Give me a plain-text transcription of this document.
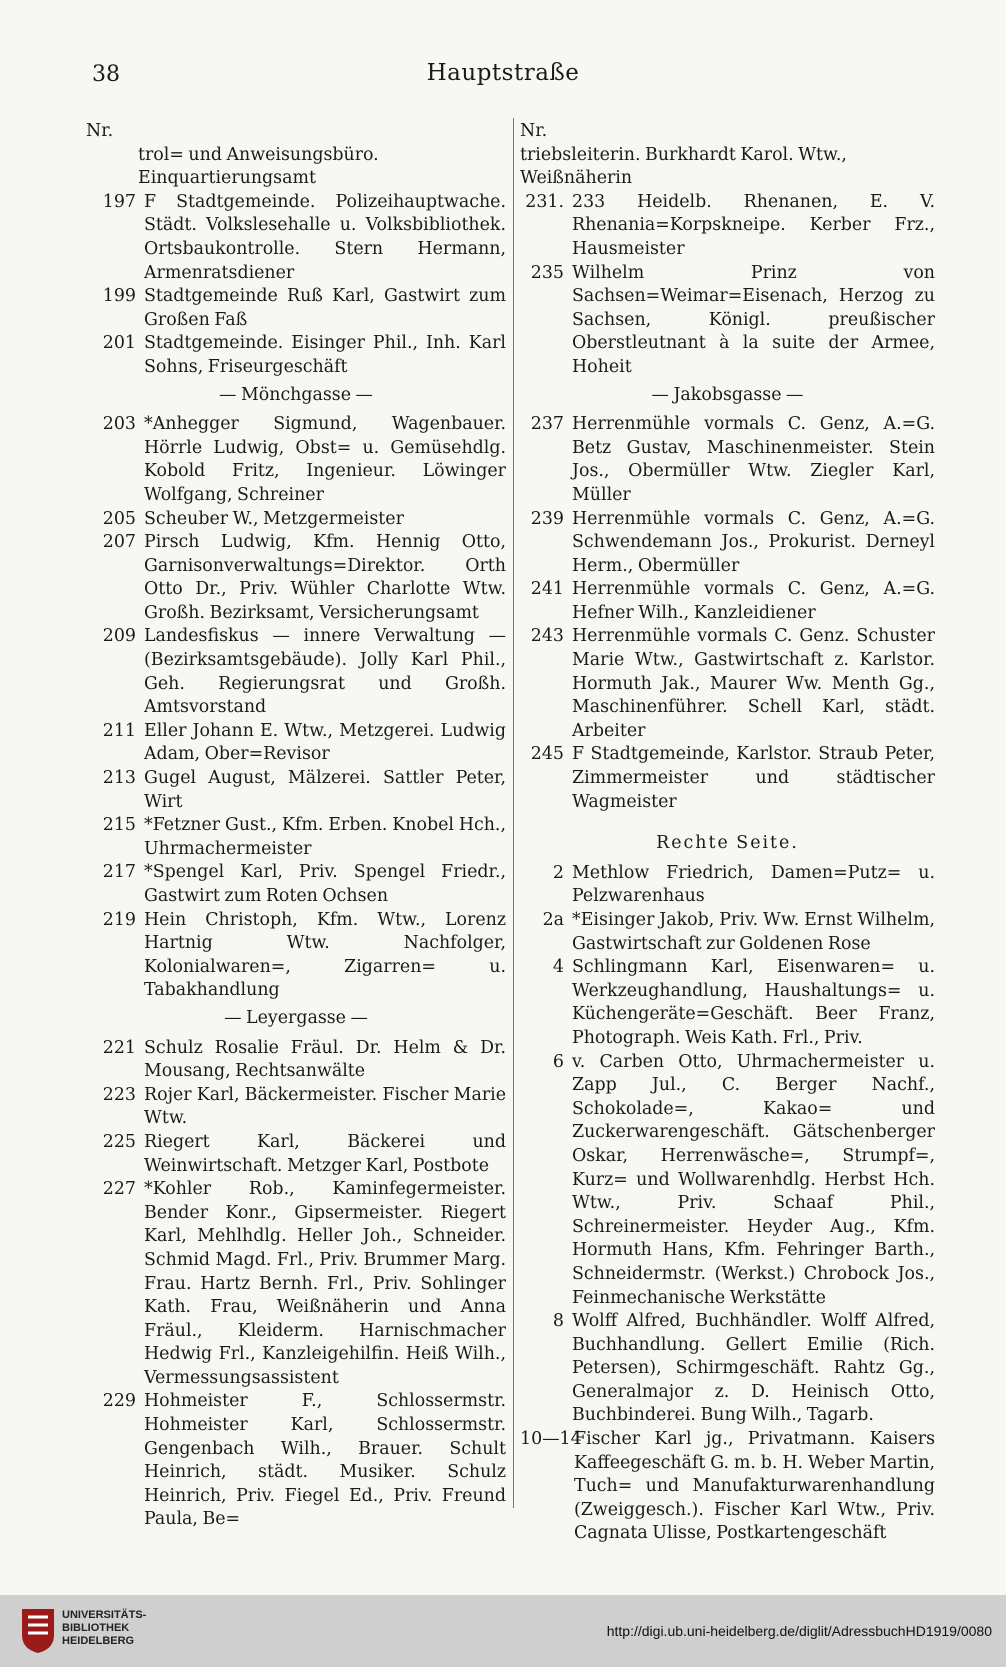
38	Hauptstraße
Nr.
trol= und Anweisungsbüro. Einquartierungsamt
197 F Stadtgemeinde. Polizeihauptwache. Städt. Volkslesehalle u. Volksbibliothek. Ortsbaukontrolle. Stern Hermann, Armenratsdiener
199 Stadtgemeinde Ruß Karl, Gastwirt zum Großen Faß
201 Stadtgemeinde. Eisinger Phil., Inh. Karl Sohns, Friseurgeschäft
— Mönchgasse —
203 *Anhegger Sigmund, Wagenbauer. Hörrle Ludwig, Obst= u. Gemüsehdlg. Kobold Fritz, Ingenieur. Löwinger Wolfgang, Schreiner
205 Scheuber W., Metzgermeister
207 Pirsch Ludwig, Kfm. Hennig Otto, Garnisonverwaltungs=Direktor. Orth Otto Dr., Priv. Wühler Charlotte Wtw. Großh. Bezirksamt, Versicherungsamt
209 Landesfiskus — innere Verwaltung — (Bezirksamtsgebäude). Jolly Karl Phil., Geh. Regierungsrat und Großh. Amtsvorstand
211 Eller Johann E. Wtw., Metzgerei. Ludwig Adam, Ober=Revisor
213 Gugel August, Mälzerei. Sattler Peter, Wirt
215 *Fetzner Gust., Kfm. Erben. Knobel Hch., Uhrmachermeister
217 *Spengel Karl, Priv. Spengel Friedr., Gastwirt zum Roten Ochsen
219 Hein Christoph, Kfm. Wtw., Lorenz Hartnig Wtw. Nachfolger, Kolonialwaren=, Zigarren= u. Tabakhandlung
— Leyergasse —
221 Schulz Rosalie Fräul. Dr. Helm & Dr. Mousang, Rechtsanwälte
223 Rojer Karl, Bäckermeister. Fischer Marie Wtw.
225 Riegert Karl, Bäckerei und Weinwirtschaft. Metzger Karl, Postbote
227 *Kohler Rob., Kaminfegermeister. Bender Konr., Gipsermeister. Riegert Karl, Mehlhdlg. Heller Joh., Schneider. Schmid Magd. Frl., Priv. Brummer Marg. Frau. Hartz Bernh. Frl., Priv. Sohlinger Kath. Frau, Weißnäherin und Anna Fräul., Kleiderm. Harnischmacher Hedwig Frl., Kanzleigehilfin. Heiß Wilh., Vermessungsassistent
229 Hohmeister F., Schlossermstr. Hohmeister Karl, Schlossermstr. Gengenbach Wilh., Brauer. Schult Heinrich, städt. Musiker. Schulz Heinrich, Priv. Fiegel Ed., Priv. Freund Paula, Be=
Nr.
triebsleiterin. Burkhardt Karol. Wtw., Weißnäherin
231. 233 Heidelb. Rhenanen, E. V. Rhenania=Korpskneipe. Kerber Frz., Hausmeister
235 Wilhelm Prinz von Sachsen=Weimar=Eisenach, Herzog zu Sachsen, Königl. preußischer Oberstleutnant à la suite der Armee, Hoheit
— Jakobsgasse —
237 Herrenmühle vormals C. Genz, A.=G. Betz Gustav, Maschinenmeister. Stein Jos., Obermüller Wtw. Ziegler Karl, Müller
239 Herrenmühle vormals C. Genz, A.=G. Schwendemann Jos., Prokurist. Derneyl Herm., Obermüller
241 Herrenmühle vormals C. Genz, A.=G. Hefner Wilh., Kanzleidiener
243 Herrenmühle vormals C. Genz. Schuster Marie Wtw., Gastwirtschaft z. Karlstor. Hormuth Jak., Maurer Ww. Menth Gg., Maschinenführer. Schell Karl, städt. Arbeiter
245 F Stadtgemeinde, Karlstor. Straub Peter, Zimmermeister und städtischer Wagmeister
Rechte Seite.
2 Methlow Friedrich, Damen=Putz= u. Pelzwarenhaus
2a *Eisinger Jakob, Priv. Ww. Ernst Wilhelm, Gastwirtschaft zur Goldenen Rose
4 Schlingmann Karl, Eisenwaren= u. Werkzeughandlung, Haushaltungs= u. Küchengeräte=Geschäft. Beer Franz, Photograph. Weis Kath. Frl., Priv.
6 v. Carben Otto, Uhrmachermeister u. Zapp Jul., C. Berger Nachf., Schokolade=, Kakao= und Zuckerwarengeschäft. Gätschenberger Oskar, Herrenwäsche=, Strumpf=, Kurz= und Wollwarenhdlg. Herbst Hch. Wtw., Priv. Schaaf Phil., Schreinermeister. Heyder Aug., Kfm. Hormuth Hans, Kfm. Fehringer Barth., Schneidermstr. (Werkst.) Chrobock Jos., Feinmechanische Werkstätte
8 Wolff Alfred, Buchhändler. Wolff Alfred, Buchhandlung. Gellert Emilie (Rich. Petersen), Schirmgeschäft. Rahtz Gg., Generalmajor z. D. Heinisch Otto, Buchbinderei. Bung Wilh., Tagarb.
10—14
Fischer Karl jg., Privatmann. Kaisers Kaffeegeschäft G. m. b. H. Weber Martin, Tuch= und Manufakturwarenhandlung (Zweiggesch.). Fischer Karl Wtw., Priv. Cagnata Ulisse, Postkartengeschäft
UNIVERSITÄTS-
BIBLIOTHEK
HEIDELBERG
http://digi.ub.uni-heidelberg.de/diglit/AdressbuchHD1919/0080
